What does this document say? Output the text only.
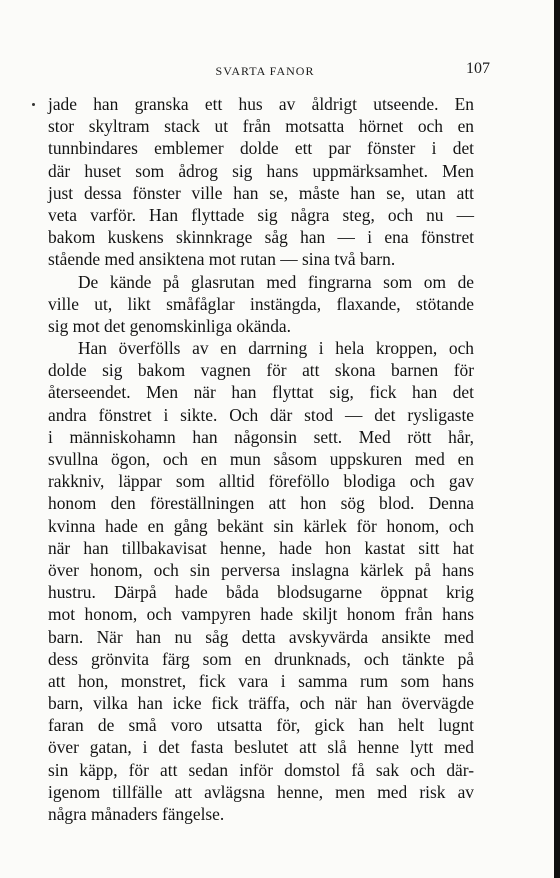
SVARTA FANOR	107
jade han granska ett hus av åldrigt utseende. En
stor skyltram stack ut från motsatta hörnet och en
tunnbindares emblemer dolde ett par fönster i det
där huset som ådrog sig hans uppmärksamhet. Men
just dessa fönster ville han se, måste han se, utan att
veta varför. Han flyttade sig några steg, och nu —
bakom kuskens skinnkrage såg han — i ena fönstret
stående med ansiktena mot rutan — sina två barn.
De kände på glasrutan med fingrarna som om de
ville ut, likt småfåglar instängda, flaxande, stötande
sig mot det genomskinliga okända.
Han överfölls av en darrning i hela kroppen, och
dolde sig bakom vagnen för att skona barnen för
återseendet. Men när han flyttat sig, fick han det
andra fönstret i sikte. Och där stod — det rysligaste
i människohamn han någonsin sett. Med rött hår,
svullna ögon, och en mun såsom uppskuren med en
rakkniv, läppar som alltid föreföllo blodiga och gav
honom den föreställningen att hon sög blod. Denna
kvinna hade en gång bekänt sin kärlek för honom, och
när han tillbakavisat henne, hade hon kastat sitt hat
över honom, och sin perversa inslagna kärlek på hans
hustru. Därpå hade båda blodsugarne öppnat krig
mot honom, och vampyren hade skiljt honom från hans
barn. När han nu såg detta avskyvärda ansikte med
dess grönvita färg som en drunknads, och tänkte på
att hon, monstret, fick vara i samma rum som hans
barn, vilka han icke fick träffa, och när han övervägde
faran de små voro utsatta för, gick han helt lugnt
över gatan, i det fasta beslutet att slå henne lytt med
sin käpp, för att sedan inför domstol få sak och där-
igenom tillfälle att avlägsna henne, men med risk av
några månaders fängelse.
